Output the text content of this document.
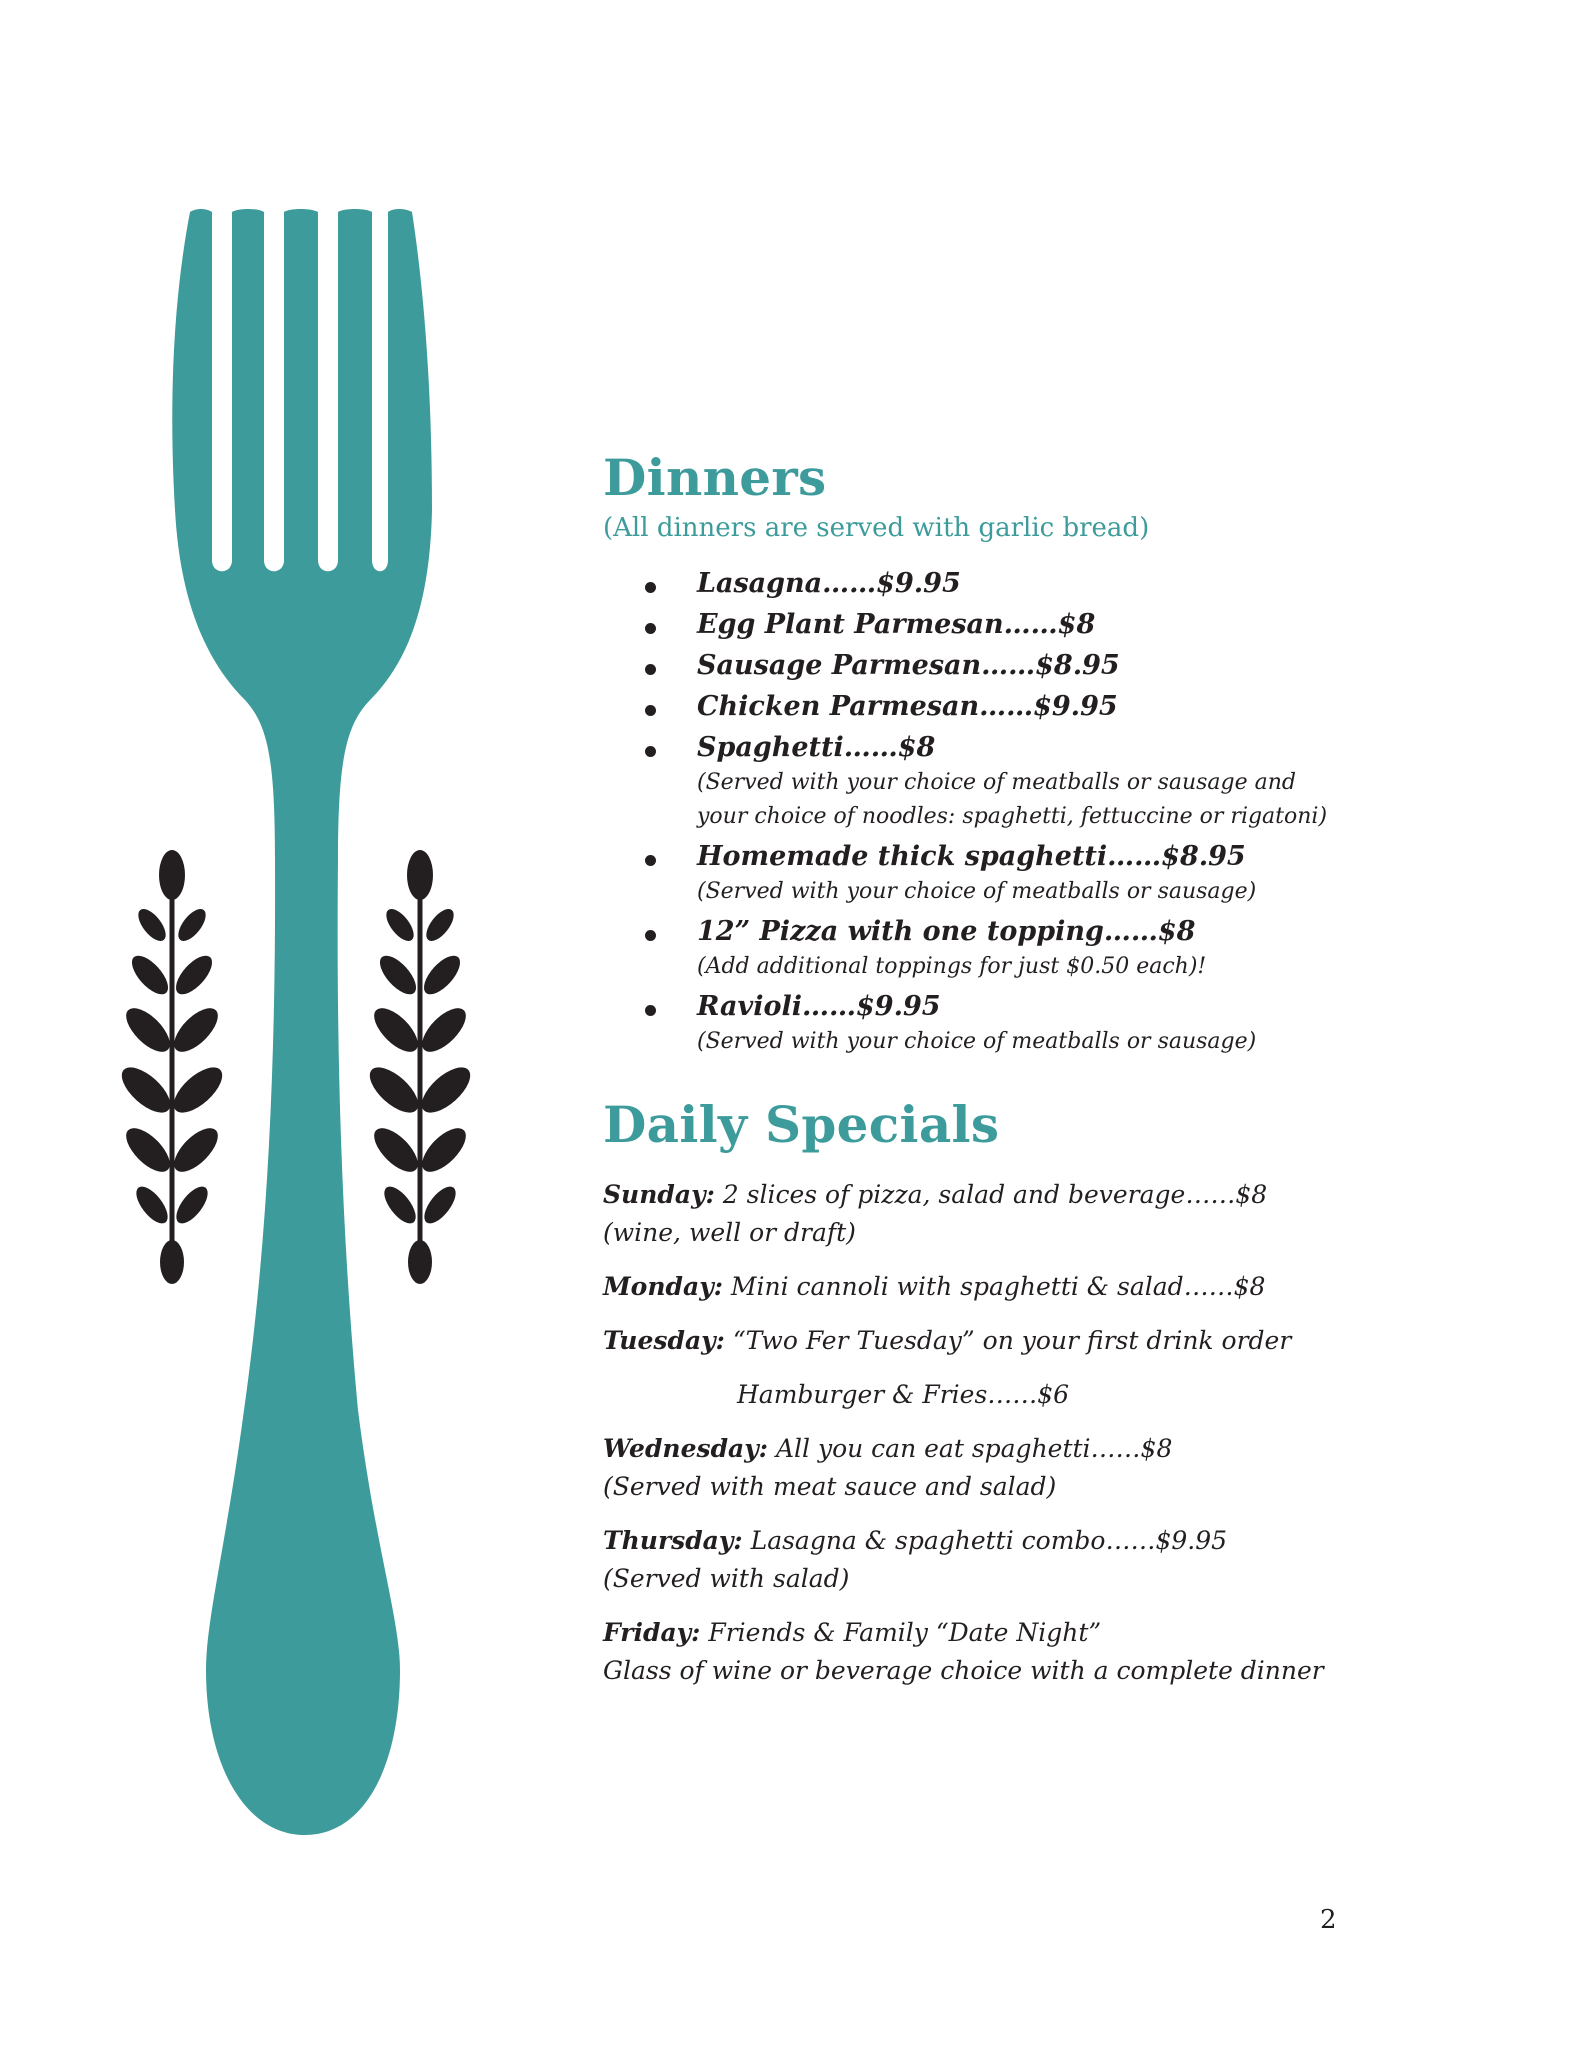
Dinners
(All dinners are served with garlic bread)
Lasagna……$9.95
Egg Plant Parmesan……$8
Sausage Parmesan……$8.95
Chicken Parmesan……$9.95
Spaghetti……$8
(Served with your choice of meatballs or sausage and
your choice of noodles: spaghetti, fettuccine or rigatoni)
Homemade thick spaghetti……$8.95
(Served with your choice of meatballs or sausage)
12” Pizza with one topping……$8
(Add additional toppings for just $0.50 each)!
Ravioli……$9.95
(Served with your choice of meatballs or sausage)
Daily Specials
Sunday: 2 slices of pizza, salad and beverage……$8
(wine, well or draft)
Monday: Mini cannoli with spaghetti & salad……$8
Tuesday: “Two Fer Tuesday” on your first drink order
Hamburger & Fries……$6
Wednesday: All you can eat spaghetti……$8
(Served with meat sauce and salad)
Thursday: Lasagna & spaghetti combo……$9.95
(Served with salad)
Friday: Friends & Family “Date Night”
Glass of wine or beverage choice with a complete dinner
2
